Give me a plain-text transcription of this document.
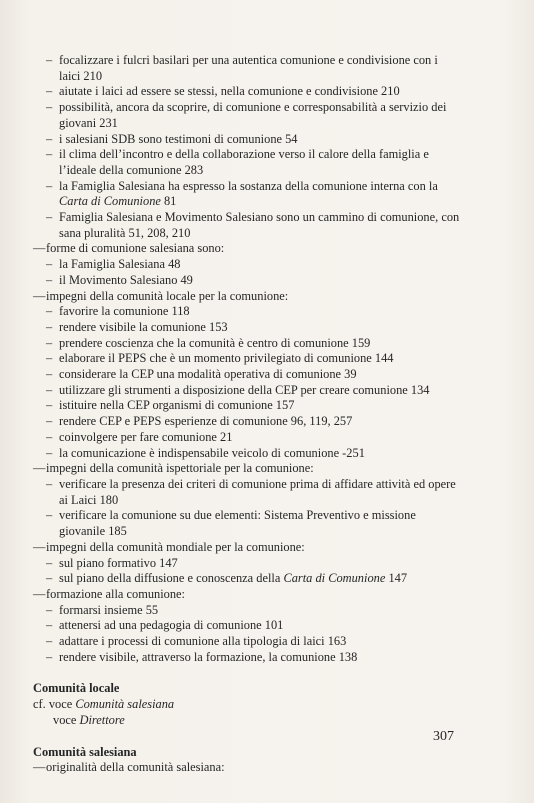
– focalizzare i fulcri basilari per una autentica comunione e condivisione con i laici 210
– aiutate i laici ad essere se stessi, nella comunione e condivisione 210
– possibilità, ancora da scoprire, di comunione e corresponsabilità a servizio dei giovani 231
– i salesiani SDB sono testimoni di comunione 54
– il clima dell’incontro e della collaborazione verso il calore della famiglia e l’ideale della comunione 283
– la Famiglia Salesiana ha espresso la sostanza della comunione interna con la Carta di Comunione 81
– Famiglia Salesiana e Movimento Salesiano sono un cammino di comunione, con sana pluralità 51, 208, 210
—forme di comunione salesiana sono:
– la Famiglia Salesiana 48
– il Movimento Salesiano 49
—impegni della comunità locale per la comunione:
– favorire la comunione 118
– rendere visibile la comunione 153
– prendere coscienza che la comunità è centro di comunione 159
– elaborare il PEPS che è un momento privilegiato di comunione 144
– considerare la CEP una modalità operativa di comunione 39
– utilizzare gli strumenti a disposizione della CEP per creare comunione 134
– istituire nella CEP organismi di comunione 157
– rendere CEP e PEPS esperienze di comunione 96, 119, 257
– coinvolgere per fare comunione 21
– la comunicazione è indispensabile veicolo di comunione -251
—impegni della comunità ispettoriale per la comunione:
– verificare la presenza dei criteri di comunione prima di affidare attività ed opere ai Laici 180
– verificare la comunione su due elementi: Sistema Preventivo e missione giovanile 185
—impegni della comunità mondiale per la comunione:
– sul piano formativo 147
– sul piano della diffusione e conoscenza della Carta di Comunione 147
—formazione alla comunione:
– formarsi insieme 55
– attenersi ad una pedagogia di comunione 101
– adattare i processi di comunione alla tipologia di laici 163
– rendere visibile, attraverso la formazione, la comunione 138
Comunità locale
cf. voce Comunità salesiana
voce Direttore
Comunità salesiana
—originalità della comunità salesiana:
307
